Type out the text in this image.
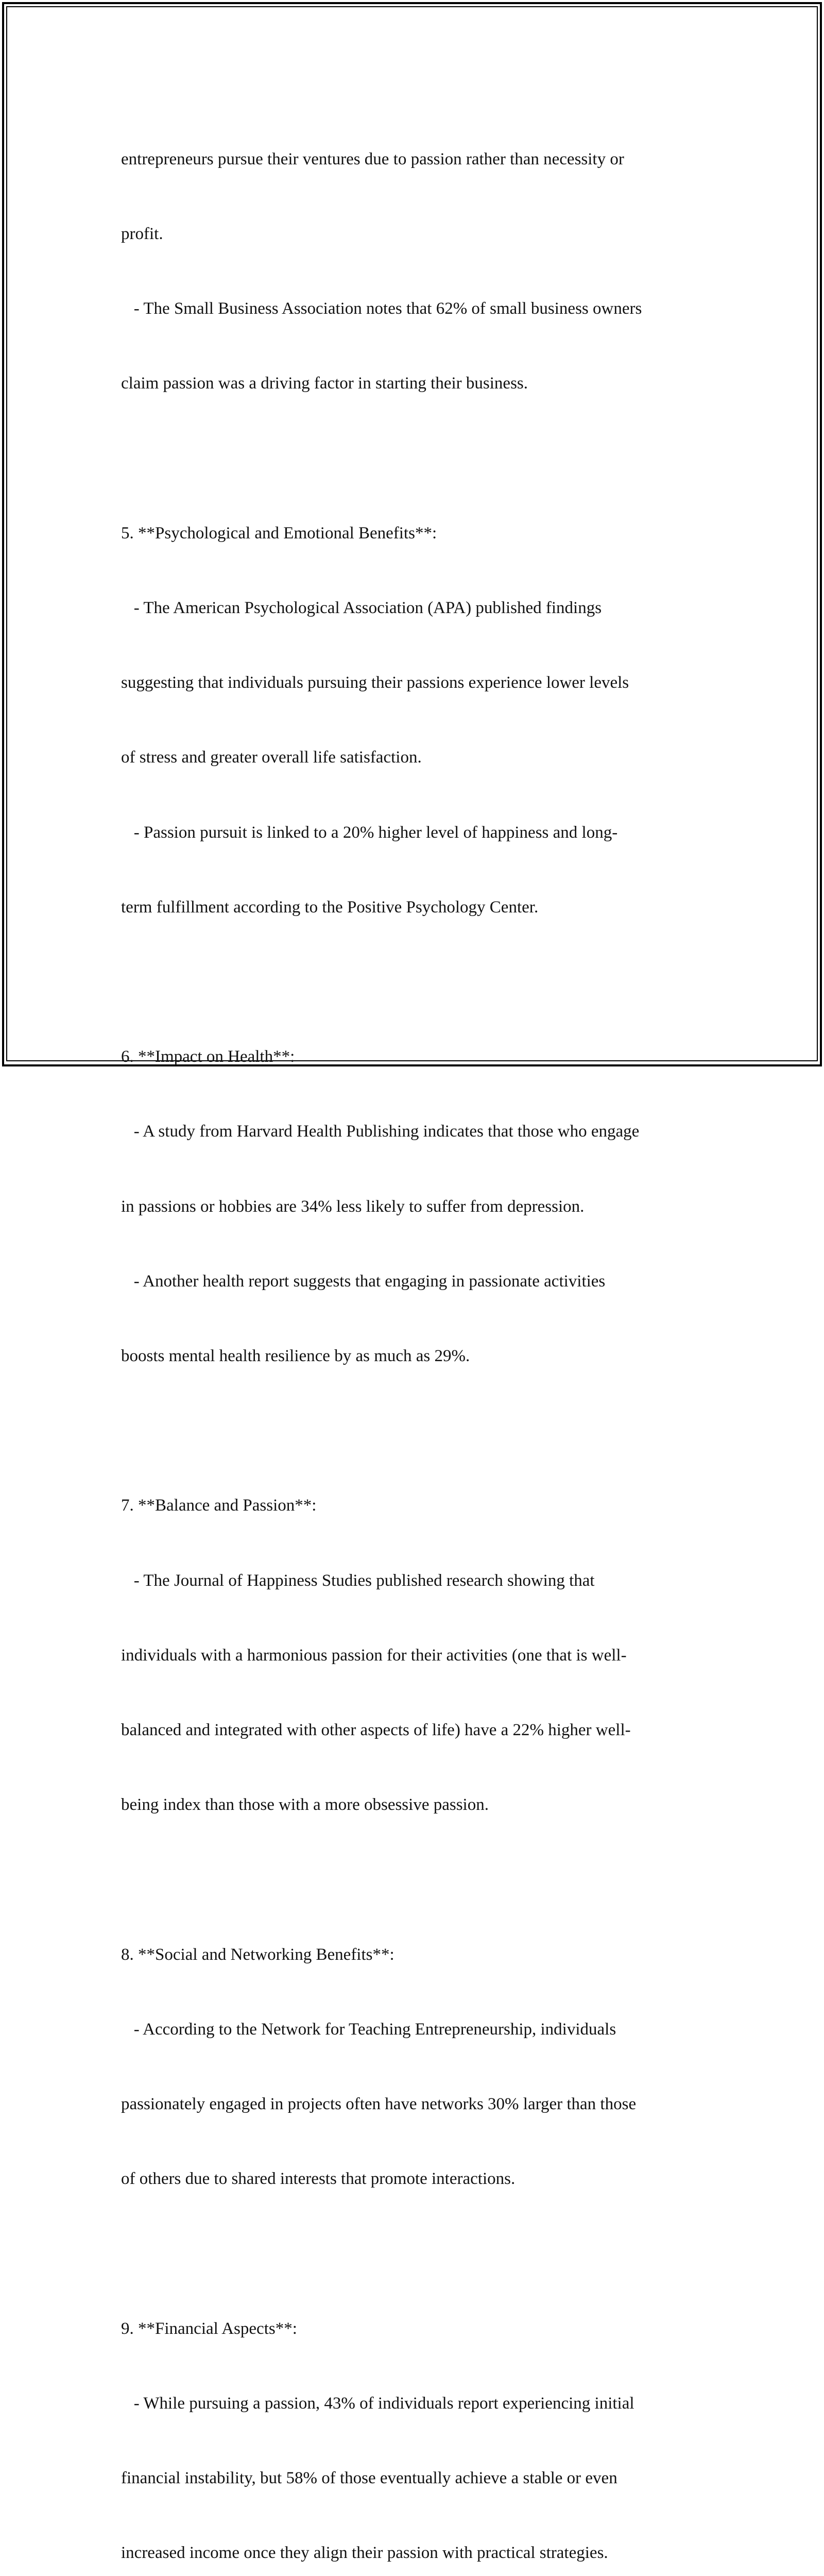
entrepreneurs pursue their ventures due to passion rather than necessity or

profit.

- The Small Business Association notes that 62% of small business owners

claim passion was a driving factor in starting their business.

5. **Psychological and Emotional Benefits**:

- The American Psychological Association (APA) published findings

suggesting that individuals pursuing their passions experience lower levels

of stress and greater overall life satisfaction.

- Passion pursuit is linked to a 20% higher level of happiness and long-

term fulfillment according to the Positive Psychology Center.

6. **Impact on Health**:

- A study from Harvard Health Publishing indicates that those who engage

in passions or hobbies are 34% less likely to suffer from depression.

- Another health report suggests that engaging in passionate activities

boosts mental health resilience by as much as 29%.

7. **Balance and Passion**:

- The Journal of Happiness Studies published research showing that

individuals with a harmonious passion for their activities (one that is well-

balanced and integrated with other aspects of life) have a 22% higher well-

being index than those with a more obsessive passion.

8. **Social and Networking Benefits**:

- According to the Network for Teaching Entrepreneurship, individuals

passionately engaged in projects often have networks 30% larger than those

of others due to shared interests that promote interactions.

9. **Financial Aspects**:

- While pursuing a passion, 43% of individuals report experiencing initial

financial instability, but 58% of those eventually achieve a stable or even

increased income once they align their passion with practical strategies.
